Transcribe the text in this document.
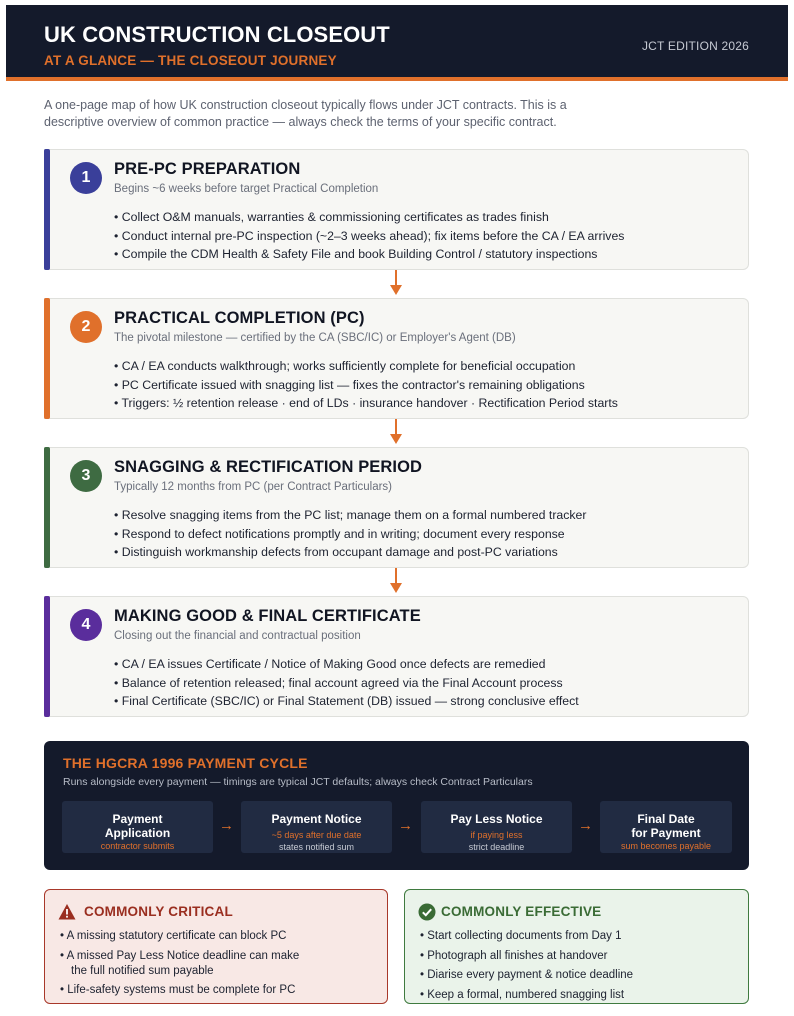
UK CONSTRUCTION CLOSEOUT
AT A GLANCE — THE CLOSEOUT JOURNEY
JCT EDITION 2026
A one-page map of how UK construction closeout typically flows under JCT contracts. This is a descriptive overview of common practice — always check the terms of your specific contract.
1	PRE-PC PREPARATION
Begins ~6 weeks before target Practical Completion
• Collect O&M manuals, warranties & commissioning certificates as trades finish
• Conduct internal pre-PC inspection (~2–3 weeks ahead); fix items before the CA / EA arrives
• Compile the CDM Health & Safety File and book Building Control / statutory inspections
2	PRACTICAL COMPLETION (PC)
The pivotal milestone — certified by the CA (SBC/IC) or Employer's Agent (DB)
• CA / EA conducts walkthrough; works sufficiently complete for beneficial occupation
• PC Certificate issued with snagging list — fixes the contractor's remaining obligations
• Triggers: ½ retention release · end of LDs · insurance handover · Rectification Period starts
3	SNAGGING & RECTIFICATION PERIOD
Typically 12 months from PC (per Contract Particulars)
• Resolve snagging items from the PC list; manage them on a formal numbered tracker
• Respond to defect notifications promptly and in writing; document every response
• Distinguish workmanship defects from occupant damage and post-PC variations
4	MAKING GOOD & FINAL CERTIFICATE
Closing out the financial and contractual position
• CA / EA issues Certificate / Notice of Making Good once defects are remedied
• Balance of retention released; final account agreed via the Final Account process
• Final Certificate (SBC/IC) or Final Statement (DB) issued — strong conclusive effect
THE HGCRA 1996 PAYMENT CYCLE
Runs alongside every payment — timings are typical JCT defaults; always check Contract Particulars
Payment
Application
contractor submits
→	Payment Notice
~5 days after due date
states notified sum
→	Pay Less Notice
if paying less
strict deadline
→	Final Date
for Payment
sum becomes payable
COMMONLY CRITICAL
• A missing statutory certificate can block PC
• A missed Pay Less Notice deadline can make
the full notified sum payable
• Life-safety systems must be complete for PC
COMMONLY EFFECTIVE
• Start collecting documents from Day 1
• Photograph all finishes at handover
• Diarise every payment & notice deadline
• Keep a formal, numbered snagging list
